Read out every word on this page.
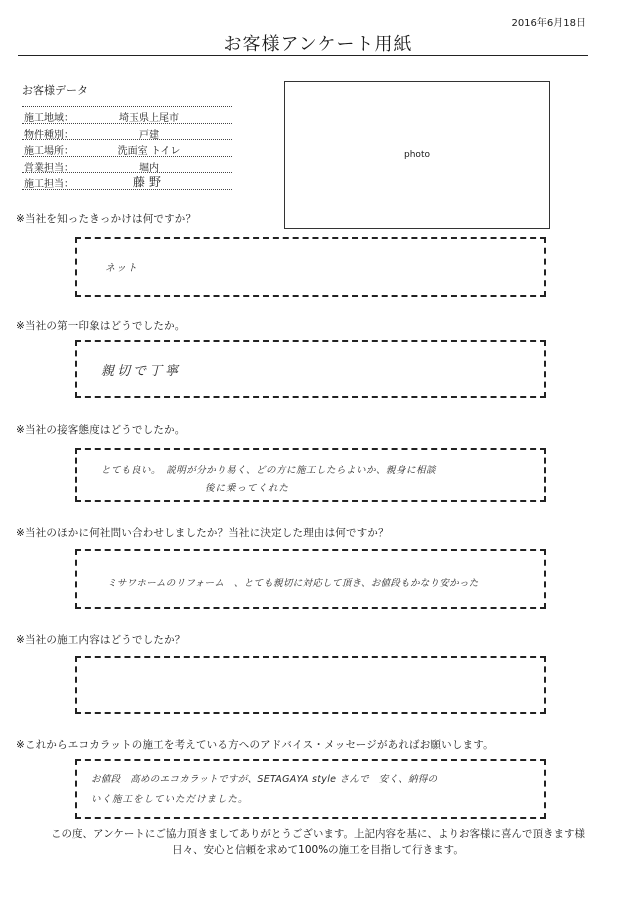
2016年6月18日
お客様アンケート用紙
お客様データ
施工地域：	埼玉県上尾市
物件種別：	戸建
施工場所：	洗面室 トイレ
営業担当：	堀内
施工担当：	藤野
photo
※当社を知ったきっかけは何ですか？
ネット
※当社の第一印象はどうでしたか。
親切で丁寧
※当社の接客態度はどうでしたか。
とても良い。　説明が分かり易く、どの方に施工したらよいか、親身に相談
後に乗ってくれた
※当社のほかに何社問い合わせしましたか？当社に決定した理由は何ですか？
ミサワホームのリフォーム　、とても親切に対応して頂き、お値段もかなり安かった
※当社の施工内容はどうでしたか？
※これからエコカラットの施工を考えている方へのアドバイス・メッセージがあればお願いします。
お値段　高めのエコカラットですが、SETAGAYA style さんで　安く、納得の
いく施工をしていただけました。
この度、アンケートにご協力頂きましてありがとうございます。上記内容を基に、よりお客様に喜んで頂きます様
日々、安心と信頼を求めて100%の施工を目指して行きます。
